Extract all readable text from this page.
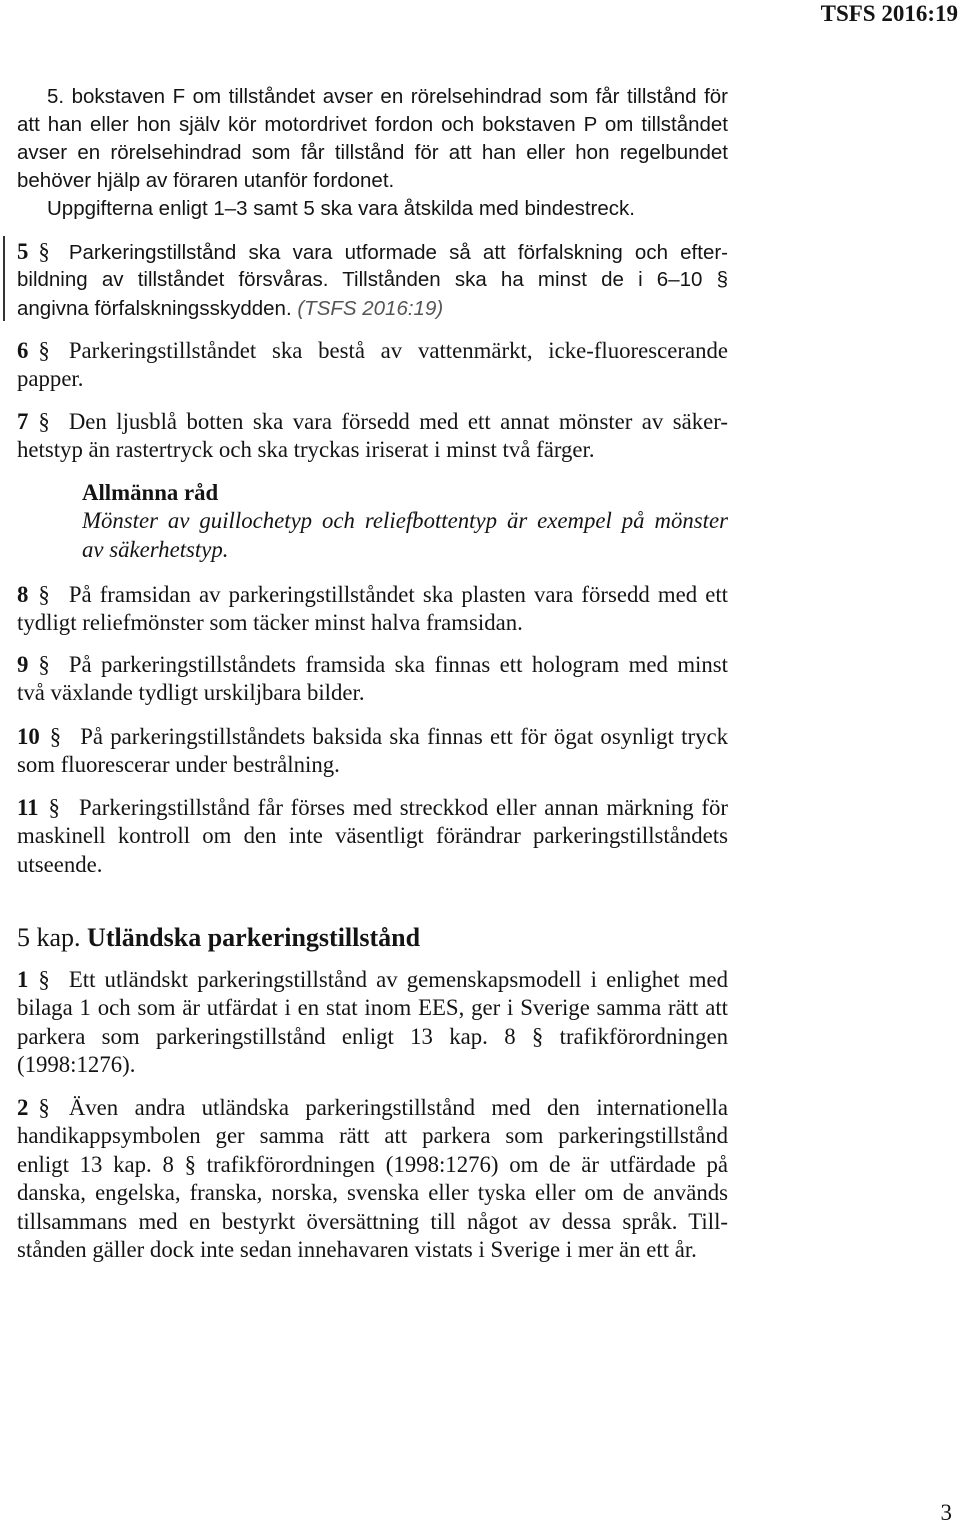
TSFS 2016:19
5. bokstaven F om tillståndet avser en rörelsehindrad som får tillstånd för
att han eller hon själv kör motordrivet fordon och bokstaven P om tillståndet
avser en rörelsehindrad som får tillstånd för att han eller hon regelbundet
behöver hjälp av föraren utanför fordonet.
Uppgifterna enligt 1–3 samt 5 ska vara åtskilda med bindestreck.
5 § Parkeringstillstånd ska vara utformade så att förfalskning och efter-
bildning av tillståndet försvåras. Tillstånden ska ha minst de i 6–10 §
angivna förfalskningsskydden. (TSFS 2016:19)
6 § Parkeringstillståndet ska bestå av vattenmärkt, icke-fluorescerande
papper.
7 § Den ljusblå botten ska vara försedd med ett annat mönster av säker-
hetstyp än rastertryck och ska tryckas iriserat i minst två färger.
Allmänna råd
Mönster av guillochetyp och reliefbottentyp är exempel på mönster
av säkerhetstyp.
8 § På framsidan av parkeringstillståndet ska plasten vara försedd med ett
tydligt reliefmönster som täcker minst halva framsidan.
9 § På parkeringstillståndets framsida ska finnas ett hologram med minst
två växlande tydligt urskiljbara bilder.
10 § På parkeringstillståndets baksida ska finnas ett för ögat osynligt tryck
som fluorescerar under bestrålning.
11 § Parkeringstillstånd får förses med streckkod eller annan märkning för
maskinell kontroll om den inte väsentligt förändrar parkeringstillståndets
utseende.
5 kap. Utländska parkeringstillstånd
1 § Ett utländskt parkeringstillstånd av gemenskapsmodell i enlighet med
bilaga 1 och som är utfärdat i en stat inom EES, ger i Sverige samma rätt att
parkera som parkeringstillstånd enligt 13 kap. 8 § trafikförordningen
(1998:1276).
2 § Även andra utländska parkeringstillstånd med den internationella
handikappsymbolen ger samma rätt att parkera som parkeringstillstånd
enligt 13 kap. 8 § trafikförordningen (1998:1276) om de är utfärdade på
danska, engelska, franska, norska, svenska eller tyska eller om de används
tillsammans med en bestyrkt översättning till något av dessa språk. Till-
stånden gäller dock inte sedan innehavaren vistats i Sverige i mer än ett år.
3
